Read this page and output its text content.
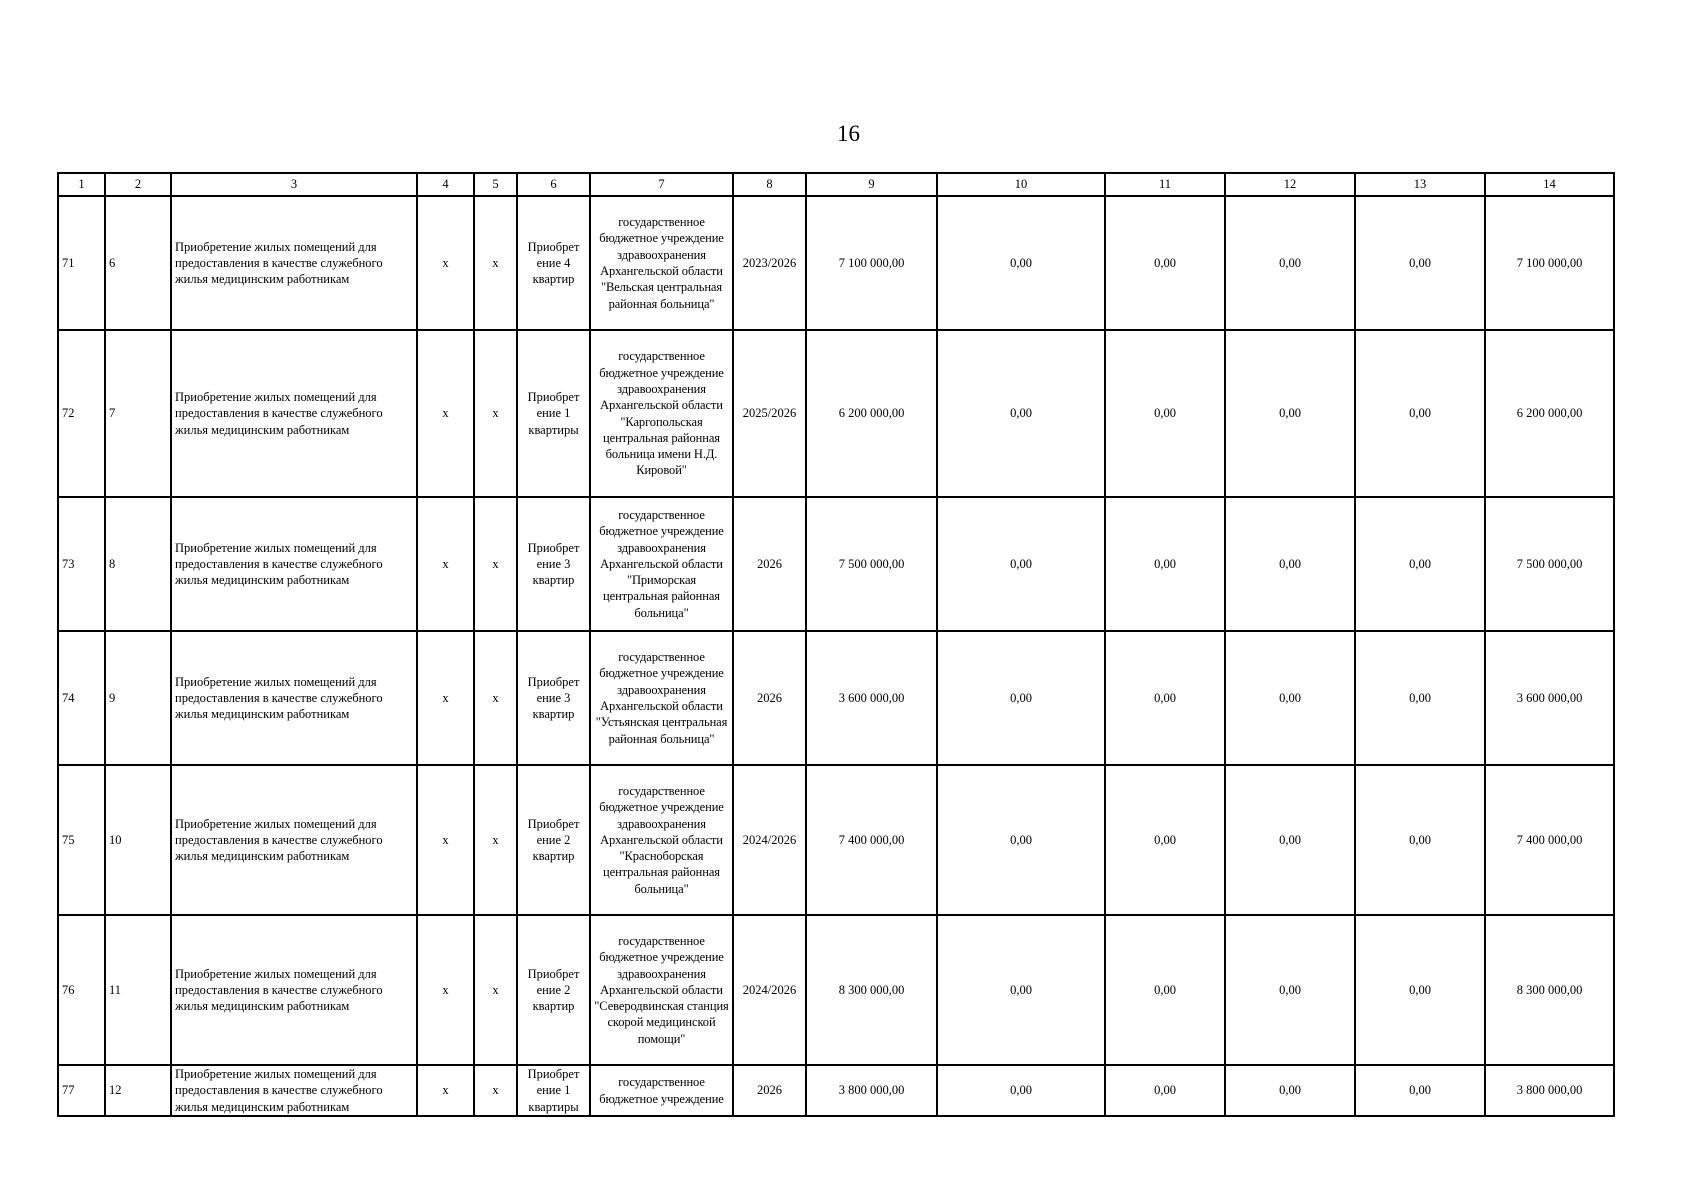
16
1	2	3	4	5	6	7	8	9	10	11	12	13	14
71	6	Приобретение жилых помещений для предоставления в качестве служебного жилья медицинским работникам	х	х	Приобрет ение 4 квартир	государственное бюджетное учреждение здравоохранения Архангельской области "Вельская центральная районная больница"	2023/2026	7 100 000,00	0,00	0,00	0,00	0,00	7 100 000,00
72	7	Приобретение жилых помещений для предоставления в качестве служебного жилья медицинским работникам	х	х	Приобрет ение 1 квартиры	государственное бюджетное учреждение здравоохранения Архангельской области "Каргопольская центральная районная больница имени Н.Д. Кировой"	2025/2026	6 200 000,00	0,00	0,00	0,00	0,00	6 200 000,00
73	8	Приобретение жилых помещений для предоставления в качестве служебного жилья медицинским работникам	х	х	Приобрет ение 3 квартир	государственное бюджетное учреждение здравоохранения Архангельской области "Приморская центральная районная больница"	2026	7 500 000,00	0,00	0,00	0,00	0,00	7 500 000,00
74	9	Приобретение жилых помещений для предоставления в качестве служебного жилья медицинским работникам	х	х	Приобрет ение 3 квартир	государственное бюджетное учреждение здравоохранения Архангельской области "Устьянская центральная районная больница"	2026	3 600 000,00	0,00	0,00	0,00	0,00	3 600 000,00
75	10	Приобретение жилых помещений для предоставления в качестве служебного жилья медицинским работникам	х	х	Приобрет ение 2 квартир	государственное бюджетное учреждение здравоохранения Архангельской области "Красноборская центральная районная больница"	2024/2026	7 400 000,00	0,00	0,00	0,00	0,00	7 400 000,00
76	11	Приобретение жилых помещений для предоставления в качестве служебного жилья медицинским работникам	х	х	Приобрет ение 2 квартир	государственное бюджетное учреждение здравоохранения Архангельской области "Северодвинская станция скорой медицинской помощи"	2024/2026	8 300 000,00	0,00	0,00	0,00	0,00	8 300 000,00
77	12	Приобретение жилых помещений для предоставления в качестве служебного жилья медицинским работникам	х	х	Приобрет ение 1 квартиры	государственное бюджетное учреждение	2026	3 800 000,00	0,00	0,00	0,00	0,00	3 800 000,00
